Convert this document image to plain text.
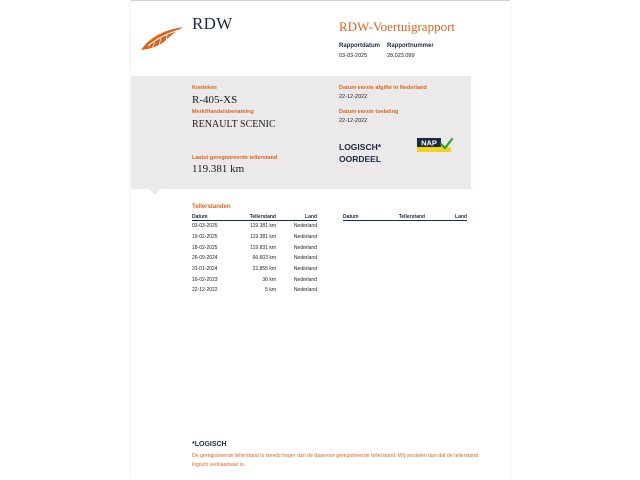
RDW	RDW-Voertuigrapport
Rapportdatum
03-03-2025
Rapportnummer
28.023.099
Kenteken
R-405-XS
Merk/Handelsbenaming
RENAULT SCENIC
Datum eerste afgifte in Nederland
22-12-2022
Datum eerste toelating
22-12-2022
Laatst geregistreerde tellerstand
119.381 km
LOGISCH*
OORDEEL
NAP
Tellerstanden
Datum	Tellerstand	Land
03-03-2025	119.381 km	Nederland
19-02-2025	119.381 km	Nederland
18-02-2025	119.831 km	Nederland
26-09-2024	66.603 km	Nederland
31-01-2024	22.855 km	Nederland
16-02-2023	30 km	Nederland
22-12-2022	5 km	Nederland
Datum	Tellerstand	Land
*LOGISCH
De geregistreerde tellerstand is steeds hoger dan de daarvoor geregistreerde tellerstand. Wij oordelen dan dat de tellerstand logisch verklaarbaar is.
